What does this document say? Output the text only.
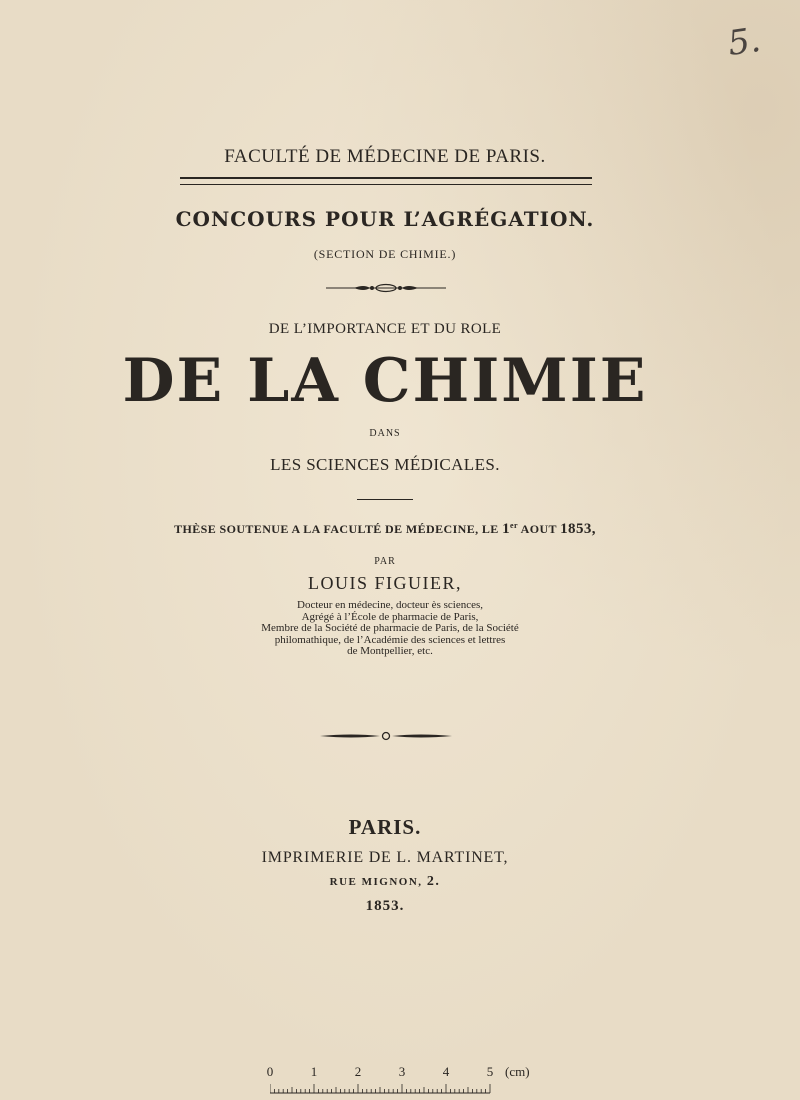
5.
FACULTÉ DE MÉDECINE DE PARIS.
CONCOURS POUR L’AGRÉGATION.
(SECTION DE CHIMIE.)
DE L’IMPORTANCE ET DU ROLE
DE LA CHIMIE
DANS
LES SCIENCES MÉDICALES.
THÈSE SOUTENUE A LA FACULTÉ DE MÉDECINE, LE 1er AOUT 1853,
PAR
LOUIS FIGUIER,
Docteur en médecine, docteur ès sciences,
Agrégé à l’École de pharmacie de Paris,
Membre de la Société de pharmacie de Paris, de la Société
philomathique, de l’Académie des sciences et lettres
de Montpellier, etc.
PARIS.
IMPRIMERIE DE L. MARTINET,
RUE MIGNON, 2.
1853.
0	1	2	3	4	5 (cm)
